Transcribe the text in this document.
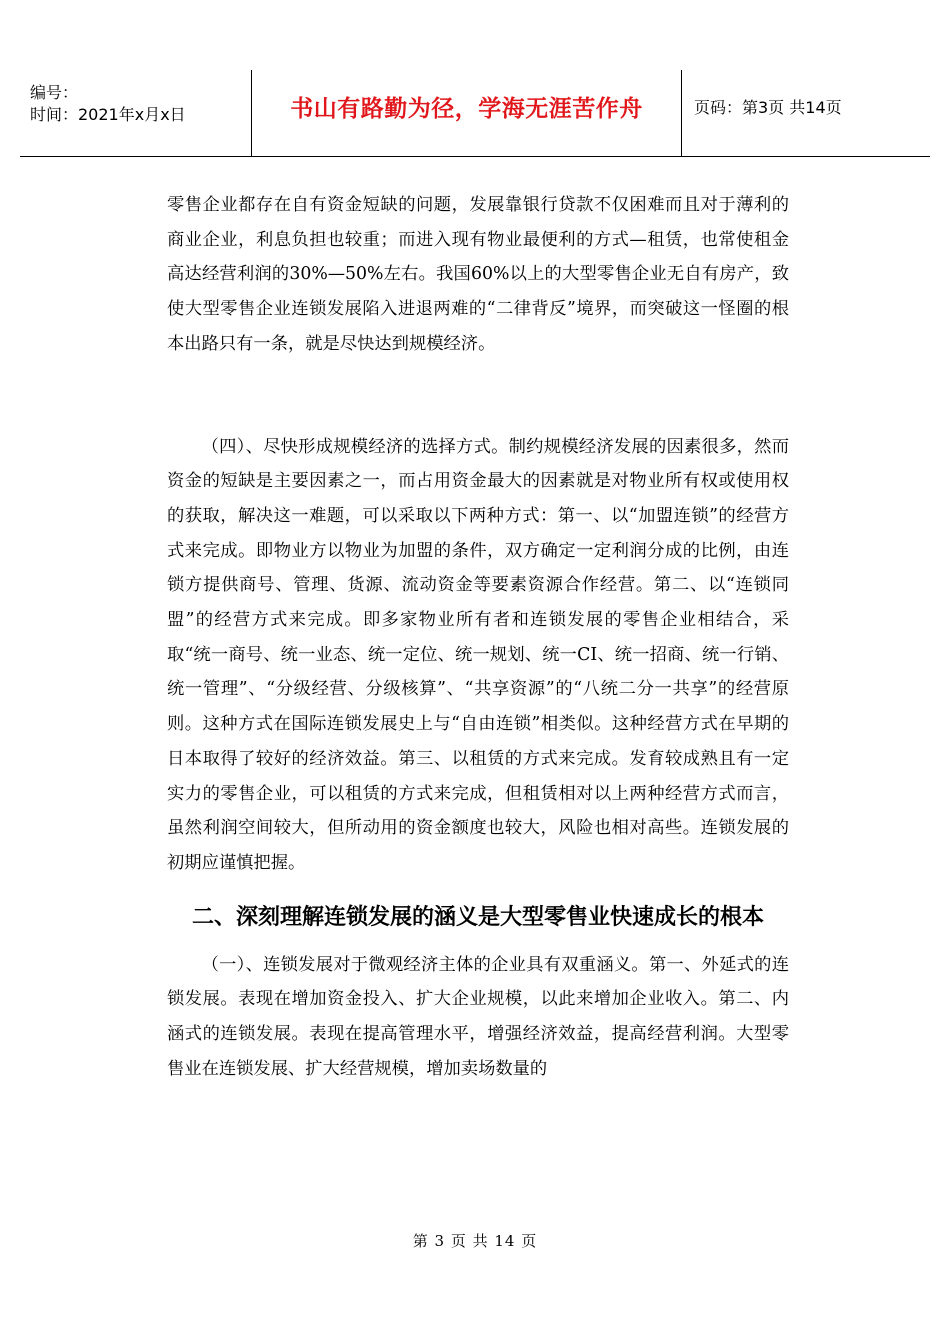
编号：
时间：2021年x月x日	书山有路勤为径，学海无涯苦作舟	页码：第3页 共14页

零售企业都存在自有资金短缺的问题，发展靠银行贷款不仅困难而且对于薄利的商业企业，利息负担也较重；而进入现有物业最便利的方式—租赁，也常使租金高达经营利润的30%—50%左右。我国60%以上的大型零售企业无自有房产，致使大型零售企业连锁发展陷入进退两难的“二律背反”境界，而突破这一怪圈的根本出路只有一条，就是尽快达到规模经济。

（四）、尽快形成规模经济的选择方式。制约规模经济发展的因素很多，然而资金的短缺是主要因素之一，而占用资金最大的因素就是对物业所有权或使用权的获取，解决这一难题，可以采取以下两种方式：第一、以“加盟连锁”的经营方式来完成。即物业方以物业为加盟的条件，双方确定一定利润分成的比例，由连锁方提供商号、管理、货源、流动资金等要素资源合作经营。第二、以“连锁同盟”的经营方式来完成。即多家物业所有者和连锁发展的零售企业相结合，采取“统一商号、统一业态、统一定位、统一规划、统一CI、统一招商、统一行销、统一管理”、“分级经营、分级核算”、“共享资源”的“八统二分一共享”的经营原则。这种方式在国际连锁发展史上与“自由连锁”相类似。这种经营方式在早期的日本取得了较好的经济效益。第三、以租赁的方式来完成。发育较成熟且有一定实力的零售企业，可以租赁的方式来完成，但租赁相对以上两种经营方式而言，虽然利润空间较大，但所动用的资金额度也较大，风险也相对高些。连锁发展的初期应谨慎把握。

二、深刻理解连锁发展的涵义是大型零售业快速成长的根本

（一）、连锁发展对于微观经济主体的企业具有双重涵义。第一、外延式的连锁发展。表现在增加资金投入、扩大企业规模，以此来增加企业收入。第二、内涵式的连锁发展。表现在提高管理水平，增强经济效益，提高经营利润。大型零售业在连锁发展、扩大经营规模，增加卖场数量的

第 3 页 共 14 页
